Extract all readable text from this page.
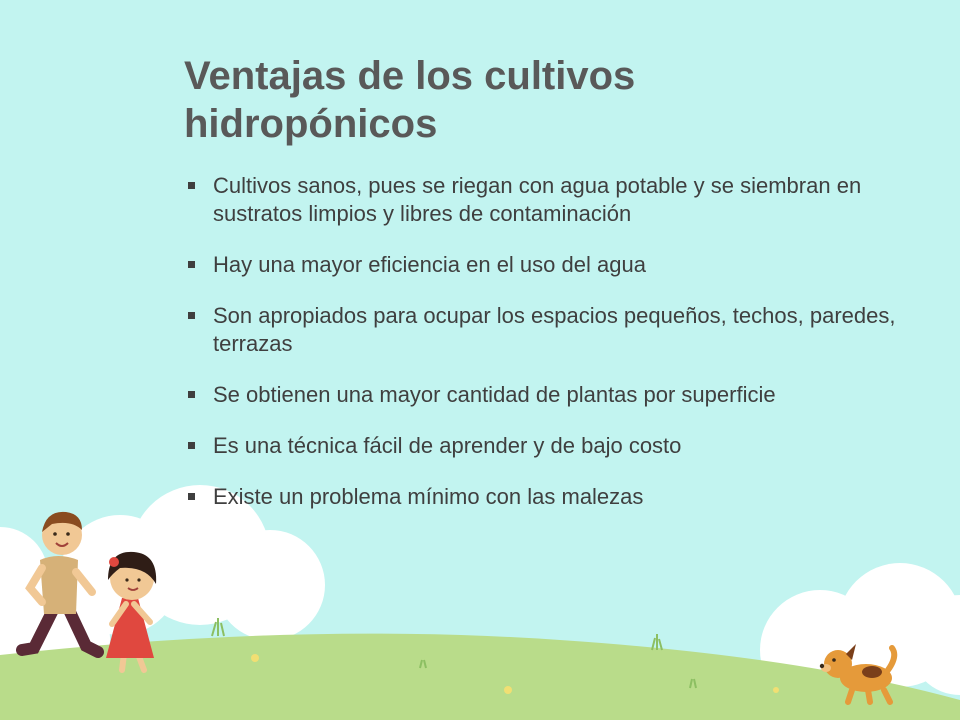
Ventajas de los cultivos hidropónicos
Cultivos sanos, pues se riegan con agua potable y se siembran en sustratos limpios y libres de contaminación
Hay una mayor eficiencia en el uso del agua
Son apropiados para ocupar los espacios pequeños, techos, paredes, terrazas
Se obtienen una mayor cantidad de plantas por superficie
Es una técnica fácil de aprender y de bajo costo
Existe un problema mínimo con las malezas
